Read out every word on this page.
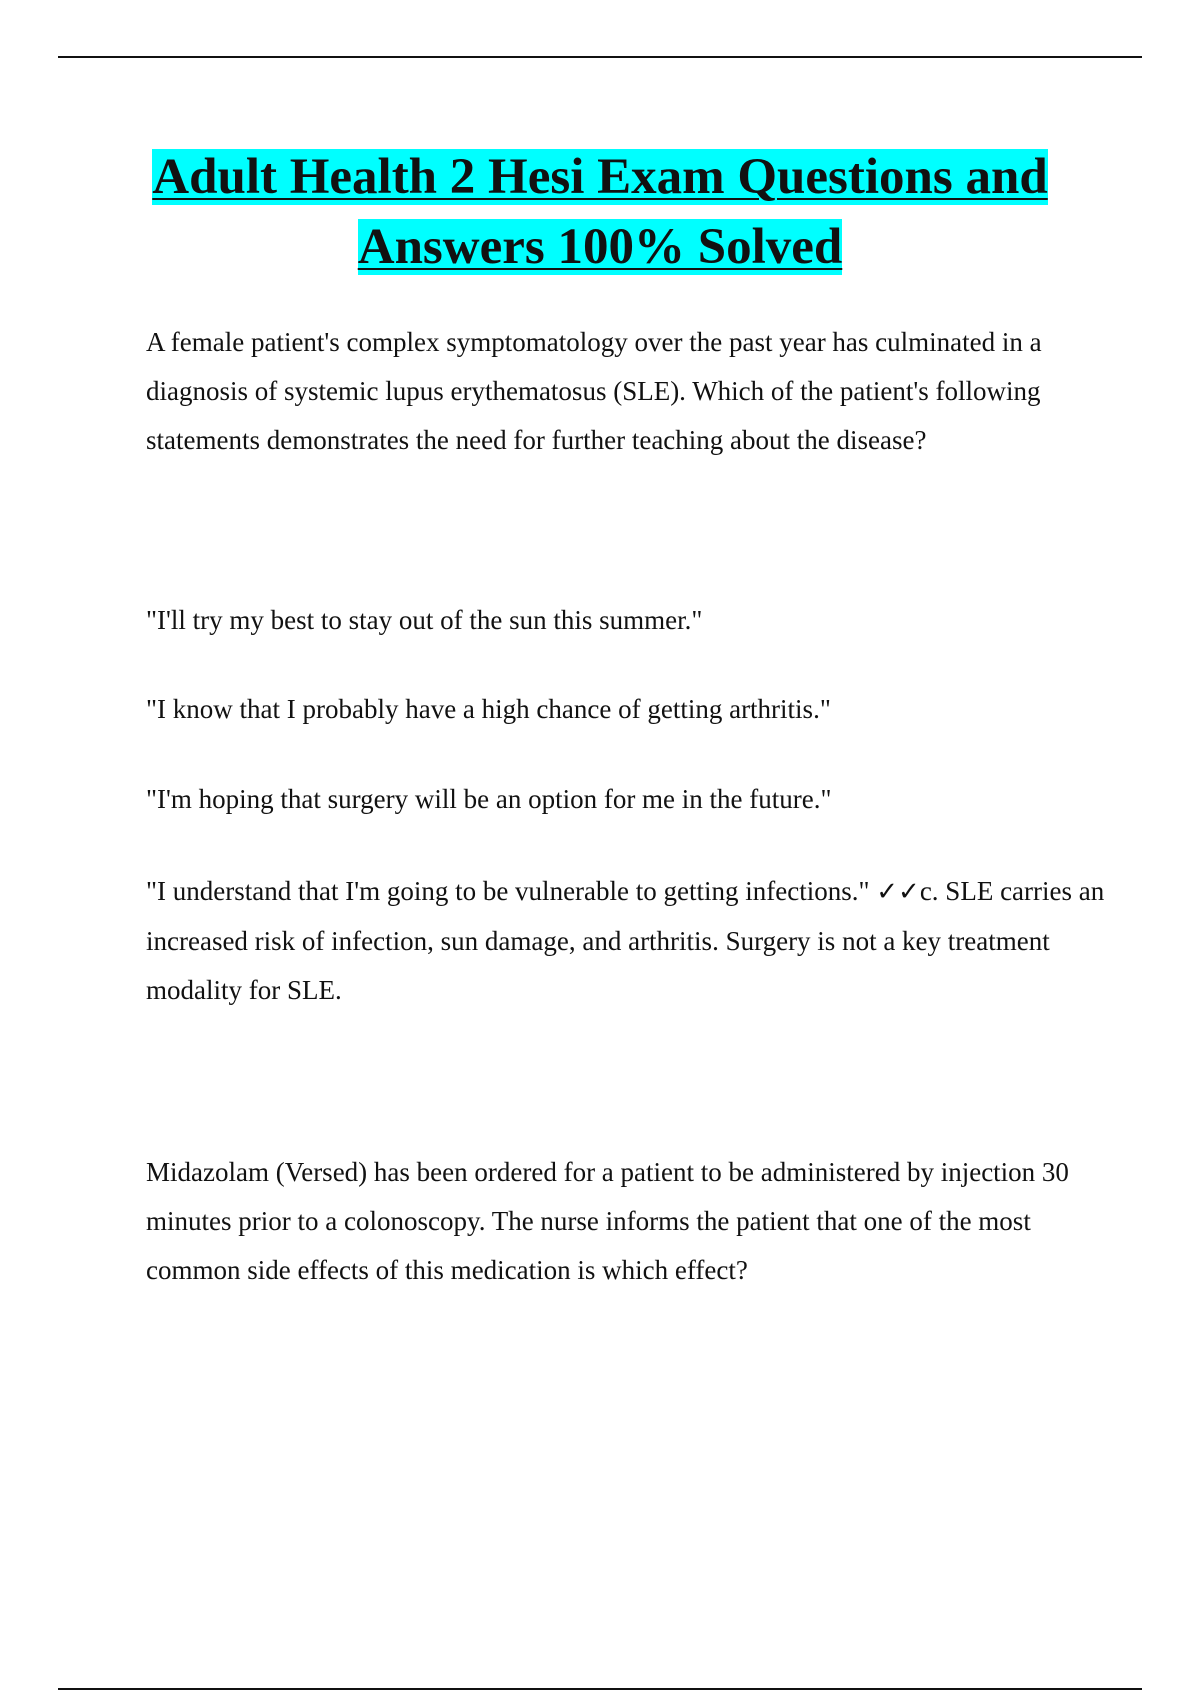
Adult Health 2 Hesi Exam Questions and
Answers 100% Solved

A female patient's complex symptomatology over the past year has culminated in a diagnosis of systemic lupus erythematosus (SLE). Which of the patient's following statements demonstrates the need for further teaching about the disease?

"I'll try my best to stay out of the sun this summer."

"I know that I probably have a high chance of getting arthritis."

"I'm hoping that surgery will be an option for me in the future."

"I understand that I'm going to be vulnerable to getting infections." ✓✓c. SLE carries an increased risk of infection, sun damage, and arthritis. Surgery is not a key treatment modality for SLE.

Midazolam (Versed) has been ordered for a patient to be administered by injection 30 minutes prior to a colonoscopy. The nurse informs the patient that one of the most common side effects of this medication is which effect?
